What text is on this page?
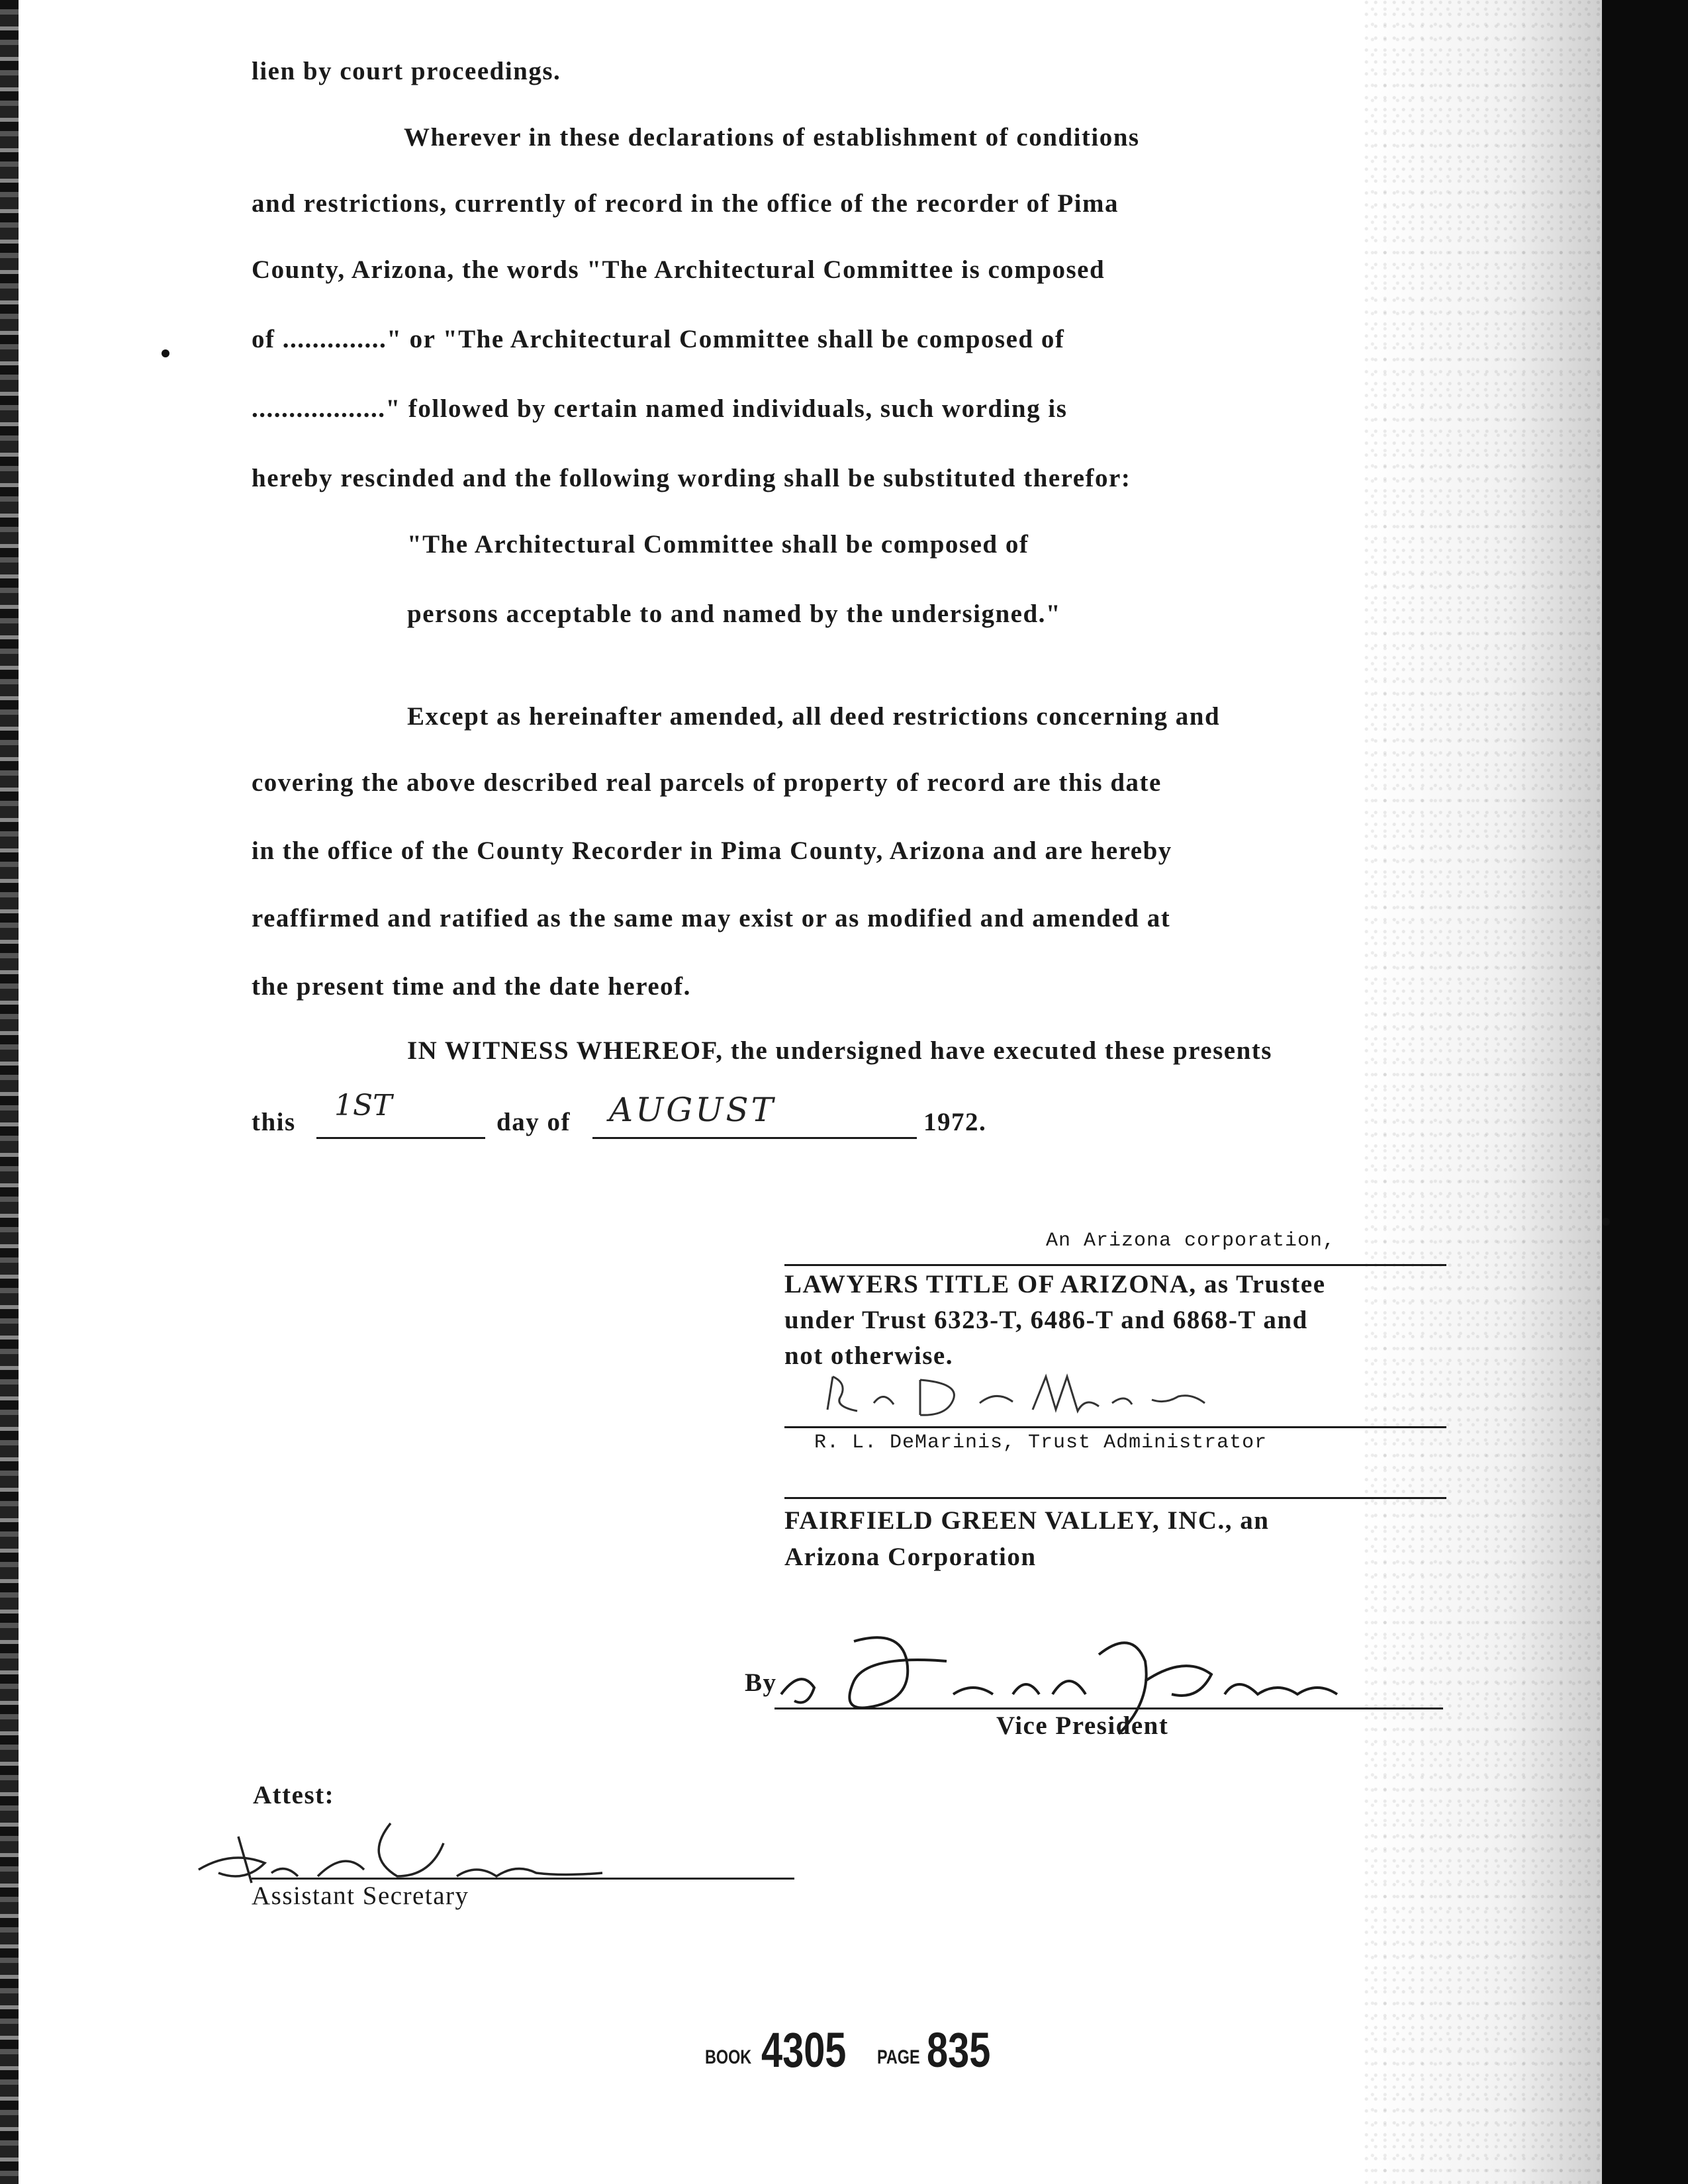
lien by court proceedings.
Wherever in these declarations of establishment of conditions
and restrictions, currently of record in the office of the recorder of Pima
County, Arizona, the words "The Architectural Committee is composed
of .............." or "The Architectural Committee shall be composed of
.................." followed by certain named individuals, such wording is
hereby rescinded and the following wording shall be substituted therefor:
"The Architectural Committee shall be composed of
persons acceptable to and named by the undersigned."
Except as hereinafter amended, all deed restrictions concerning and
covering the above described real parcels of property of record are this date
in the office of the County Recorder in Pima County, Arizona and are hereby
reaffirmed and ratified as the same may exist or as modified and amended at
the present time and the date hereof.
IN WITNESS WHEREOF, the undersigned have executed these presents
this 1ST	day of AUGUST	1972.
An Arizona corporation,
LAWYERS TITLE OF ARIZONA, as Trustee
under Trust 6323-T, 6486-T and 6868-T and
not otherwise.
R. L. DeMarinis, Trust Administrator
FAIRFIELD GREEN VALLEY, INC., an
Arizona Corporation
By
Vice President
Attest:
Assistant Secretary
BOOK 4305 PAGE 835
